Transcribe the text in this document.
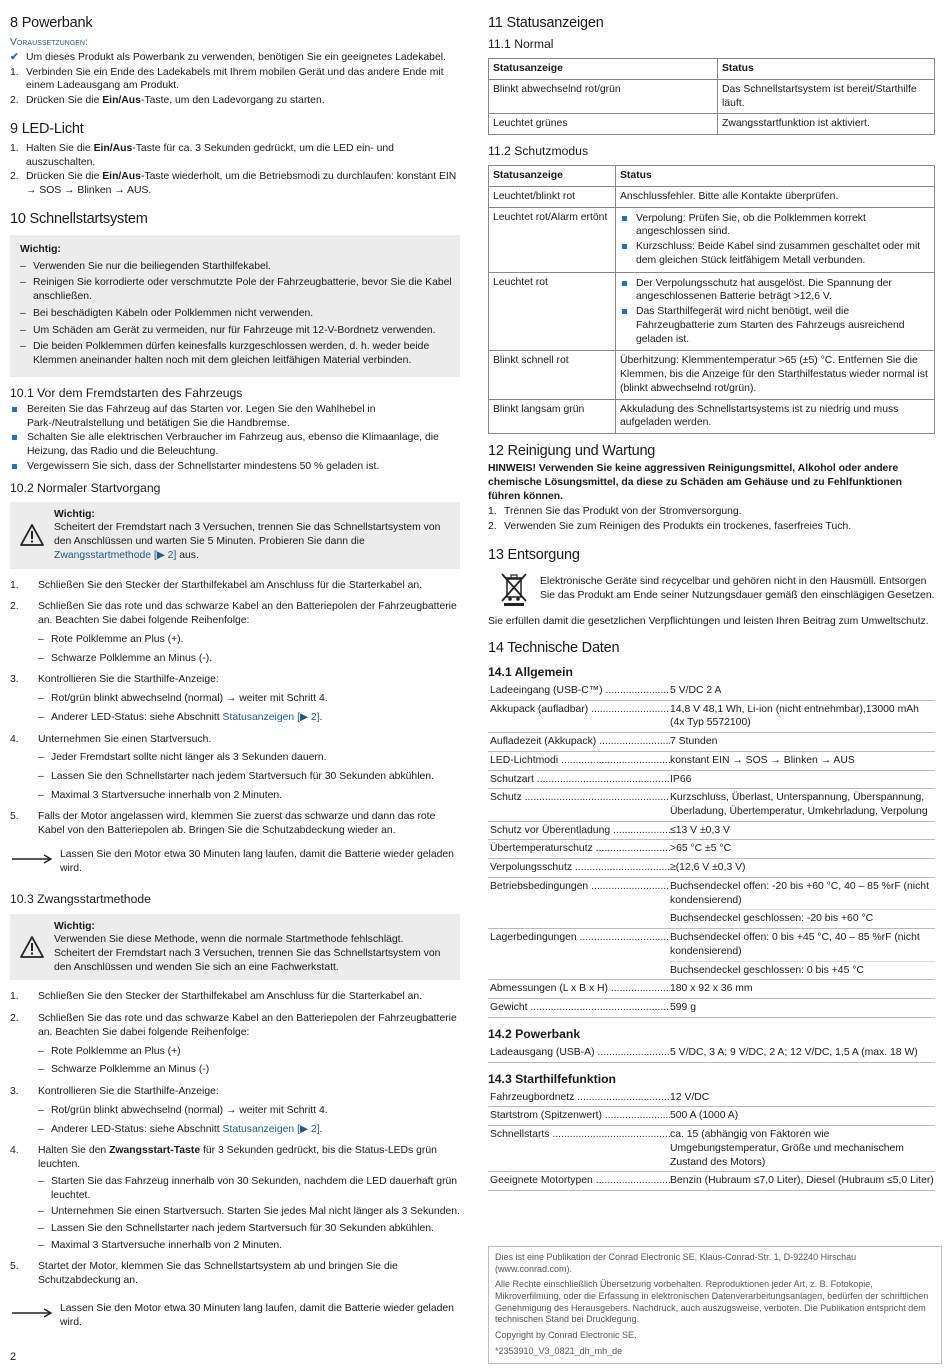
8 Powerbank
Voraussetzungen:
✔ Um dieses Produkt als Powerbank zu verwenden, benötigen Sie ein geeignetes Ladekabel.
1. Verbinden Sie ein Ende des Ladekabels mit Ihrem mobilen Gerät und das andere Ende mit einem Ladeausgang am Produkt.
2. Drücken Sie die Ein/Aus-Taste, um den Ladevorgang zu starten.
9 LED-Licht
1. Halten Sie die Ein/Aus-Taste für ca. 3 Sekunden gedrückt, um die LED ein- und auszuschalten.
2. Drücken Sie die Ein/Aus-Taste wiederholt, um die Betriebsmodi zu durchlaufen: konstant EIN → SOS → Blinken → AUS.
10 Schnellstartsystem
Wichtig:
– Verwenden Sie nur die beiliegenden Starthilfekabel.
– Reinigen Sie korrodierte oder verschmutzte Pole der Fahrzeugbatterie, bevor Sie die Kabel anschließen.
– Bei beschädigten Kabeln oder Polklemmen nicht verwenden.
– Um Schäden am Gerät zu vermeiden, nur für Fahrzeuge mit 12-V-Bordnetz verwenden.
– Die beiden Polklemmen dürfen keinesfalls kurzgeschlossen werden, d. h. weder beide Klemmen aneinander halten noch mit dem gleichen leitfähigen Material verbinden.
10.1 Vor dem Fremdstarten des Fahrzeugs
Bereiten Sie das Fahrzeug auf das Starten vor. Legen Sie den Wahlhebel in Park-/Neutralstellung und betätigen Sie die Handbremse.
Schalten Sie alle elektrischen Verbraucher im Fahrzeug aus, ebenso die Klimaanlage, die Heizung, das Radio und die Beleuchtung.
Vergewissern Sie sich, dass der Schnellstarter mindestens 50 % geladen ist.
10.2 Normaler Startvorgang
Wichtig:
Scheitert der Fremdstart nach 3 Versuchen, trennen Sie das Schnellstartsystem von den Anschlüssen und warten Sie 5 Minuten. Probieren Sie dann die Zwangsstartmethode [▶ 2] aus.
1.	Schließen Sie den Stecker der Starthilfekabel am Anschluss für die Starterkabel an.
2.	Schließen Sie das rote und das schwarze Kabel an den Batteriepolen der Fahrzeugbatterie an. Beachten Sie dabei folgende Reihenfolge:
– Rote Polklemme an Plus (+).
– Schwarze Polklemme an Minus (-).
3.	Kontrollieren Sie die Starthilfe-Anzeige:
– Rot/grün blinkt abwechselnd (normal) → weiter mit Schritt 4.
– Anderer LED-Status: siehe Abschnitt Statusanzeigen [▶ 2].
4.	Unternehmen Sie einen Startversuch.
– Jeder Fremdstart sollte nicht länger als 3 Sekunden dauern.
– Lassen Sie den Schnellstarter nach jedem Startversuch für 30 Sekunden abkühlen.
– Maximal 3 Startversuche innerhalb von 2 Minuten.
5.	Falls der Motor angelassen wird, klemmen Sie zuerst das schwarze und dann das rote Kabel von den Batteriepolen ab. Bringen Sie die Schutzabdeckung wieder an.
Lassen Sie den Motor etwa 30 Minuten lang laufen, damit die Batterie wieder geladen wird.
10.3 Zwangsstartmethode
Wichtig:
Verwenden Sie diese Methode, wenn die normale Startmethode fehlschlägt.
Scheitert der Fremdstart nach 3 Versuchen, trennen Sie das Schnellstartsystem von den Anschlüssen und wenden Sie sich an eine Fachwerkstatt.
1.	Schließen Sie den Stecker der Starthilfekabel am Anschluss für die Starterkabel an.
2.	Schließen Sie das rote und das schwarze Kabel an den Batteriepolen der Fahrzeugbatterie an. Beachten Sie dabei folgende Reihenfolge:
– Rote Polklemme an Plus (+)
– Schwarze Polklemme an Minus (-)
3.	Kontrollieren Sie die Starthilfe-Anzeige:
– Rot/grün blinkt abwechselnd (normal) → weiter mit Schritt 4.
– Anderer LED-Status: siehe Abschnitt Statusanzeigen [▶ 2].
4.	Halten Sie den Zwangsstart-Taste für 3 Sekunden gedrückt, bis die Status-LEDs grün leuchten.
– Starten Sie das Fahrzeug innerhalb von 30 Sekunden, nachdem die LED dauerhaft grün leuchtet.
– Unternehmen Sie einen Startversuch. Starten Sie jedes Mal nicht länger als 3 Sekunden.
– Lassen Sie den Schnellstarter nach jedem Startversuch für 30 Sekunden abkühlen.
– Maximal 3 Startversuche innerhalb von 2 Minuten.
5.	Startet der Motor, klemmen Sie das Schnellstartsystem ab und bringen Sie die Schutzabdeckung an.
Lassen Sie den Motor etwa 30 Minuten lang laufen, damit die Batterie wieder geladen wird.
11 Statusanzeigen
11.1 Normal
Statusanzeige	Status
Blinkt abwechselnd rot/grün	Das Schnellstartsystem ist bereit/Starthilfe läuft.
Leuchtet grünes	Zwangsstartfunktion ist aktiviert.
11.2 Schutzmodus
Statusanzeige	Status
Leuchtet/blinkt rot	Anschlussfehler. Bitte alle Kontakte überprüfen.
Leuchtet rot/Alarm ertönt	Verpolung: Prüfen Sie, ob die Polklemmen korrekt angeschlossen sind.
Kurzschluss: Beide Kabel sind zusammen geschaltet oder mit dem gleichen Stück leitfähigem Metall verbunden.

Leuchtet rot	Der Verpolungsschutz hat ausgelöst. Die Spannung der angeschlossenen Batterie beträgt >12,6 V.
Das Starthilfegerät wird nicht benötigt, weil die Fahrzeugbatterie zum Starten des Fahrzeugs ausreichend geladen ist.

Blinkt schnell rot	Überhitzung: Klemmentemperatur >65 (±5) °C. Entfernen Sie die Klemmen, bis die Anzeige für den Starthilfestatus wieder normal ist (blinkt abwechselnd rot/grün).
Blinkt langsam grün	Akkuladung des Schnellstartsystems ist zu niedrig und muss aufgeladen werden.
12 Reinigung und Wartung
HINWEIS! Verwenden Sie keine aggressiven Reinigungsmittel, Alkohol oder andere chemische Lösungsmittel, da diese zu Schäden am Gehäuse und zu Fehlfunktionen führen können.
1. Trennen Sie das Produkt von der Stromversorgung.
2. Verwenden Sie zum Reinigen des Produkts ein trockenes, faserfreies Tuch.
13 Entsorgung
Elektronische Geräte sind recycelbar und gehören nicht in den Hausmüll. Entsorgen Sie das Produkt am Ende seiner Nutzungsdauer gemäß den einschlägigen Gesetzen.
Sie erfüllen damit die gesetzlichen Verpflichtungen und leisten Ihren Beitrag zum Umweltschutz.
14 Technische Daten
14.1 Allgemein
Ladeeingang (USB-C™) .....	5 V/DC 2 A
Akkupack (aufladbar) .....	14,8 V 48,1 Wh, Li-ion (nicht entnehmbar),13000 mAh (4x Typ 5572100)
Aufladezeit (Akkupack) .....	7 Stunden
LED-Lichtmodi .....	konstant EIN → SOS → Blinken → AUS
Schutzart .....	IP66
Schutz .....	Kurzschluss, Überlast, Unterspannung, Überspannung, Überladung, Übertemperatur, Umkehrladung, Verpolung
Schutz vor Überentladung .....	≤13 V ±0,3 V
Übertemperaturschutz .....	>65 °C ±5 °C
Verpolungsschutz .....	≥(12,6 V ±0,3 V)
Betriebsbedingungen .....	Buchsendeckel offen: -20 bis +60 °C, 40 – 85 %rF (nicht kondensierend)
Buchsendeckel geschlossen: -20 bis +60 °C
Lagerbedingungen .....	Buchsendeckel offen: 0 bis +45 °C, 40 – 85 %rF (nicht kondensierend)
Buchsendeckel geschlossen: 0 bis +45 °C
Abmessungen (L x B x H) .....	180 x 92 x 36 mm
Gewicht .....	599 g
14.2 Powerbank
Ladeausgang (USB-A) .....	5 V/DC, 3 A; 9 V/DC, 2 A; 12 V/DC, 1,5 A (max. 18 W)
14.3 Starthilfefunktion
Fahrzeugbordnetz .....	12 V/DC
Startstrom (Spitzenwert) .....	500 A (1000 A)
Schnellstarts .....	ca. 15 (abhängig von Faktoren wie Umgebungstemperatur, Größe und mechanischem Zustand des Motors)
Geeignete Motortypen .....	Benzin (Hubraum ≤7,0 Liter), Diesel (Hubraum ≤5,0 Liter)

Dies ist eine Publikation der Conrad Electronic SE, Klaus-Conrad-Str. 1, D-92240 Hirschau (www.conrad.com).

Alle Rechte einschließlich Übersetzung vorbehalten. Reproduktionen jeder Art, z. B. Fotokopie, Mikroverfilmung, oder die Erfassung in elektronischen Datenverarbeitungsanlagen, bedürfen der schriftlichen Genehmigung des Herausgebers. Nachdruck, auch auszugsweise, verboten. Die Publikation entspricht dem technischen Stand bei Drucklegung.

Copyright by Conrad Electronic SE.

*2353910_V3_0821_dh_mh_de

2
